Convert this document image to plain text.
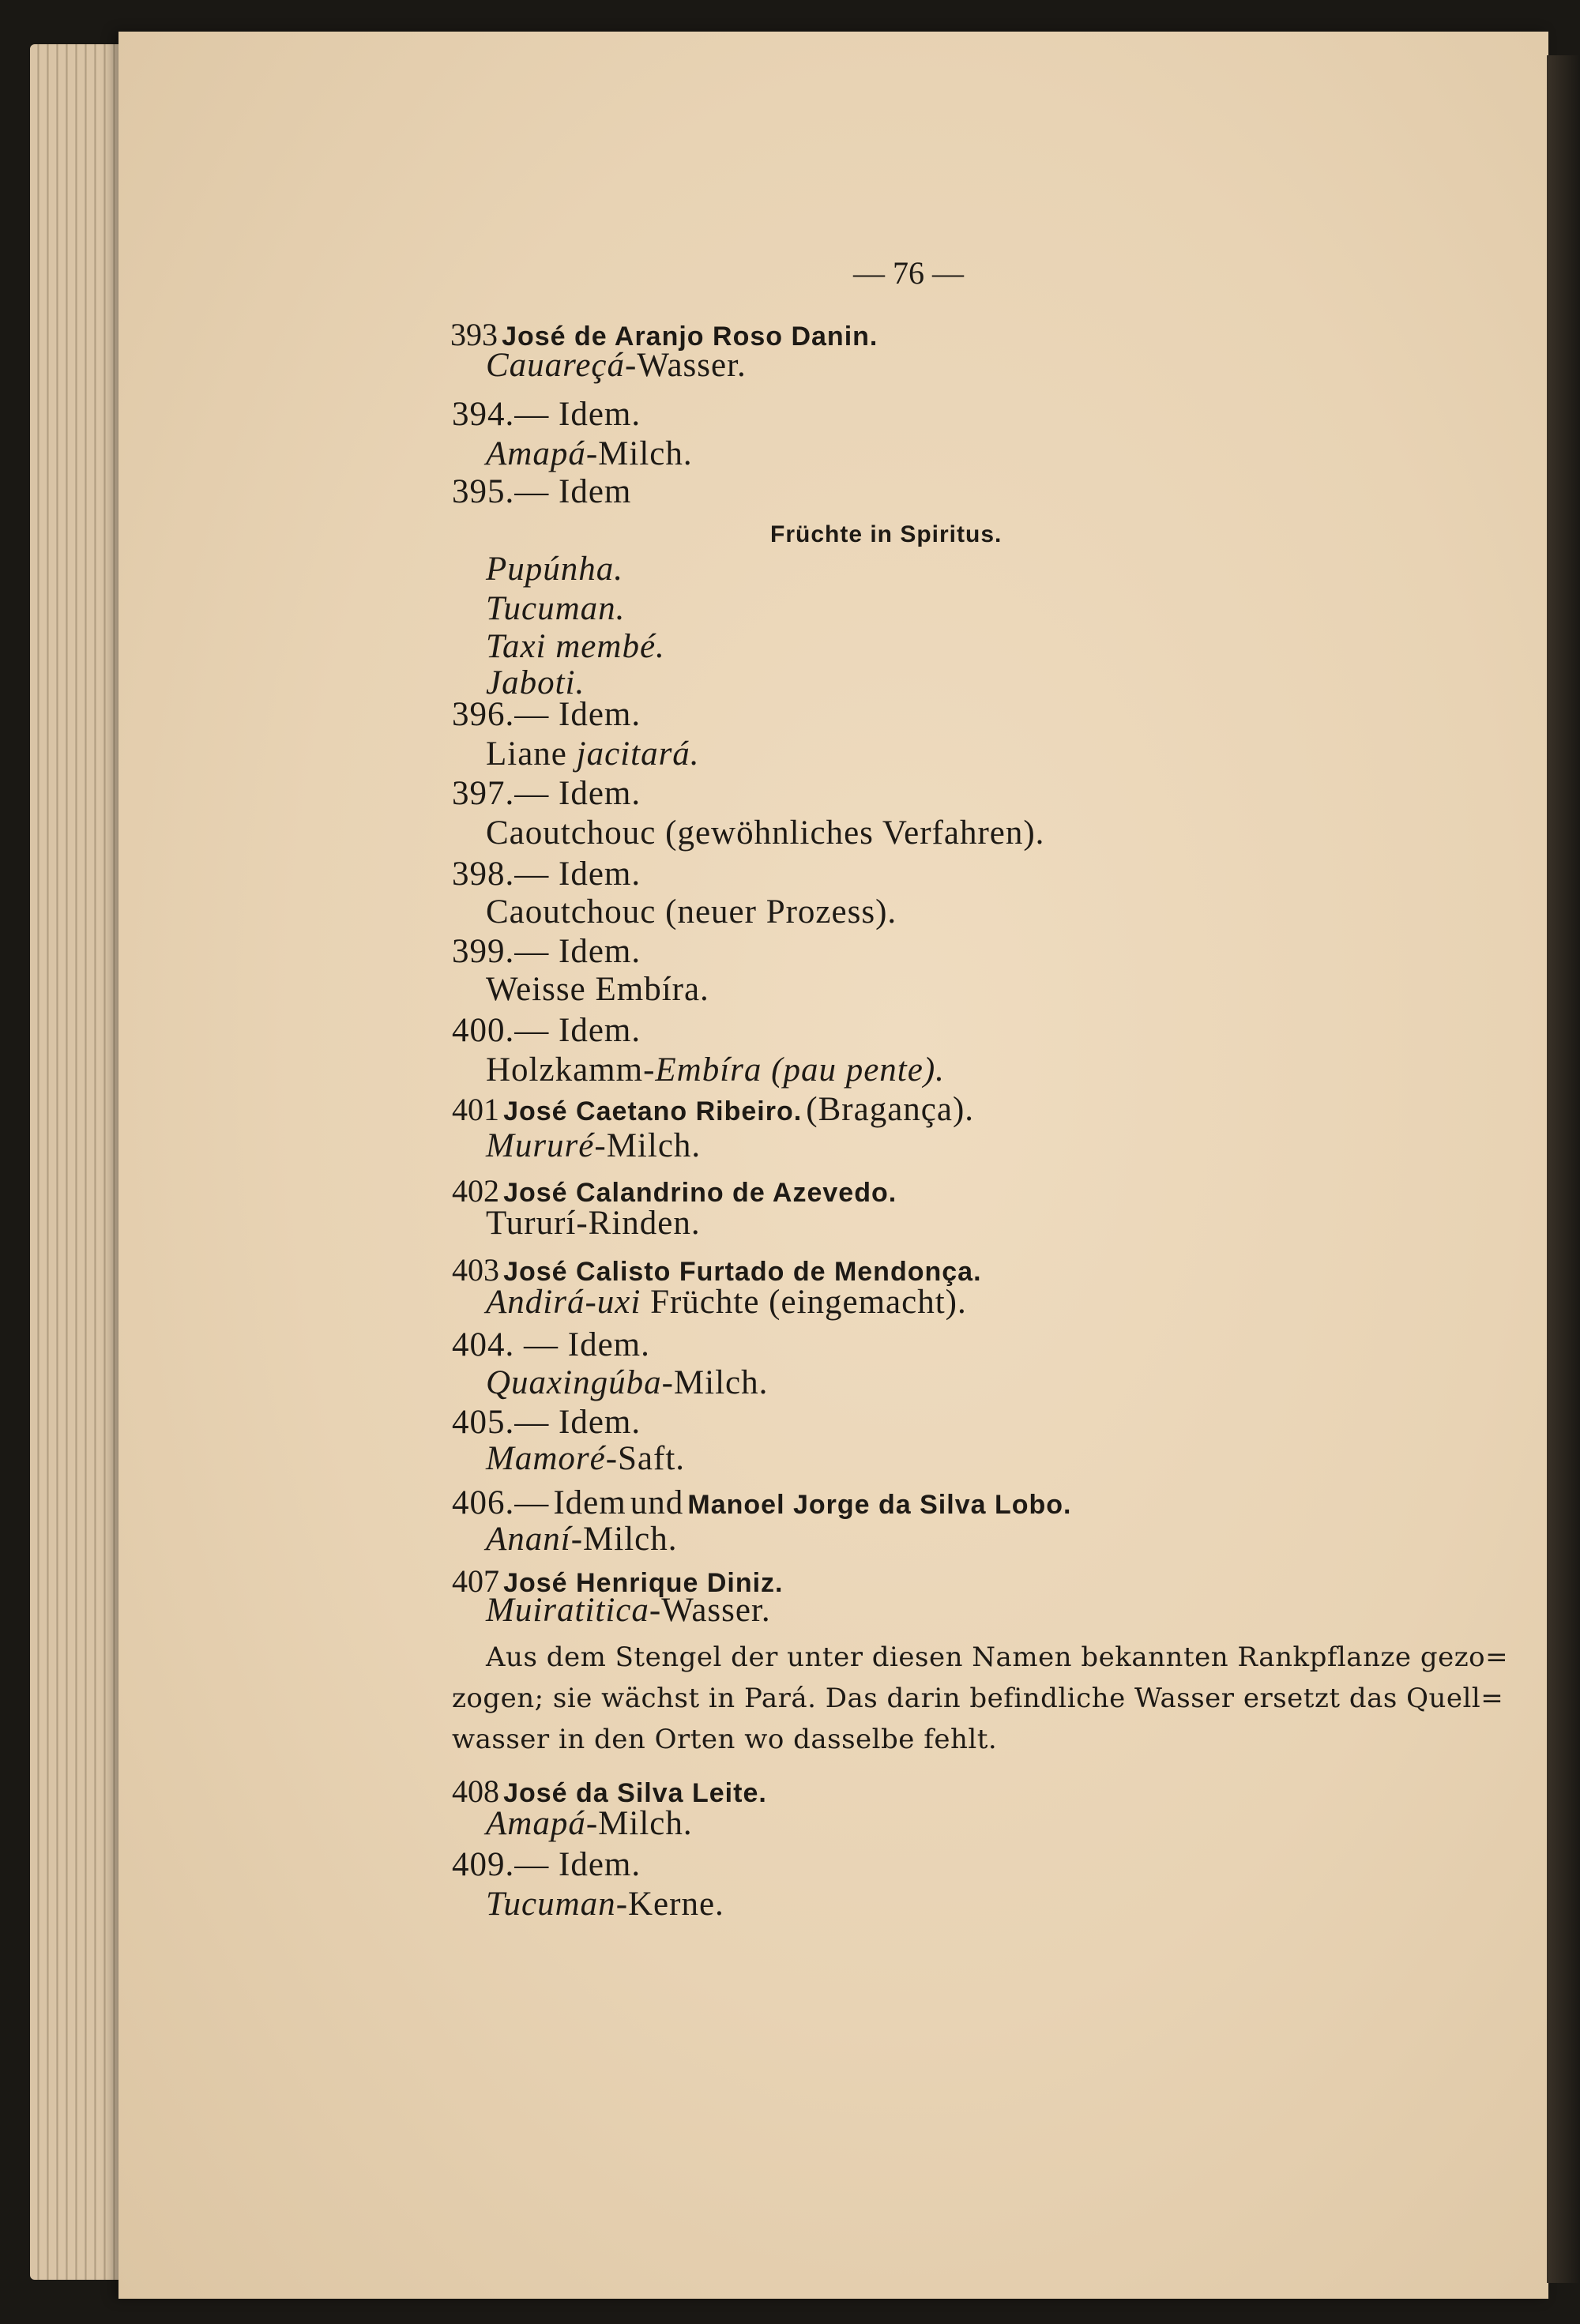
— 76 —
393 José de Aranjo Roso Danin.
Cauareçá-Wasser.
394.— Idem.
Amapá-Milch.
395.— Idem
Früchte in Spiritus.
Pupúnha.
Tucuman.
Taxi membé.
Jaboti.
396.— Idem.
Liane jacitará.
397.— Idem.
Caoutchouc (gewöhnliches Verfahren).
398.— Idem.
Caoutchouc (neuer Prozess).
399.— Idem.
Weisse Embíra.
400.— Idem.
Holzkamm-Embíra (pau pente).
401 José Caetano Ribeiro. (Bragança).
Mururé-Milch.
402 José Calandrino de Azevedo.
Tururí-Rinden.
403 José Calisto Furtado de Mendonça.
Andirá-uxi Früchte (eingemacht).
404. — Idem.
Quaxingúba-Milch.
405.— Idem.
Mamoré-Saft.
406.— Idem und Manoel Jorge da Silva Lobo.
Ananí-Milch.
407 José Henrique Diniz.
Muiratitica-Wasser.
Aus dem Stengel der unter diesen Namen bekannten Rankpflanze gezo=
zogen; sie wächst in Pará. Das darin befindliche Wasser ersetzt das Quell=
wasser in den Orten wo dasselbe fehlt.
408 José da Silva Leite.
Amapá-Milch.
409.— Idem.
Tucuman-Kerne.
